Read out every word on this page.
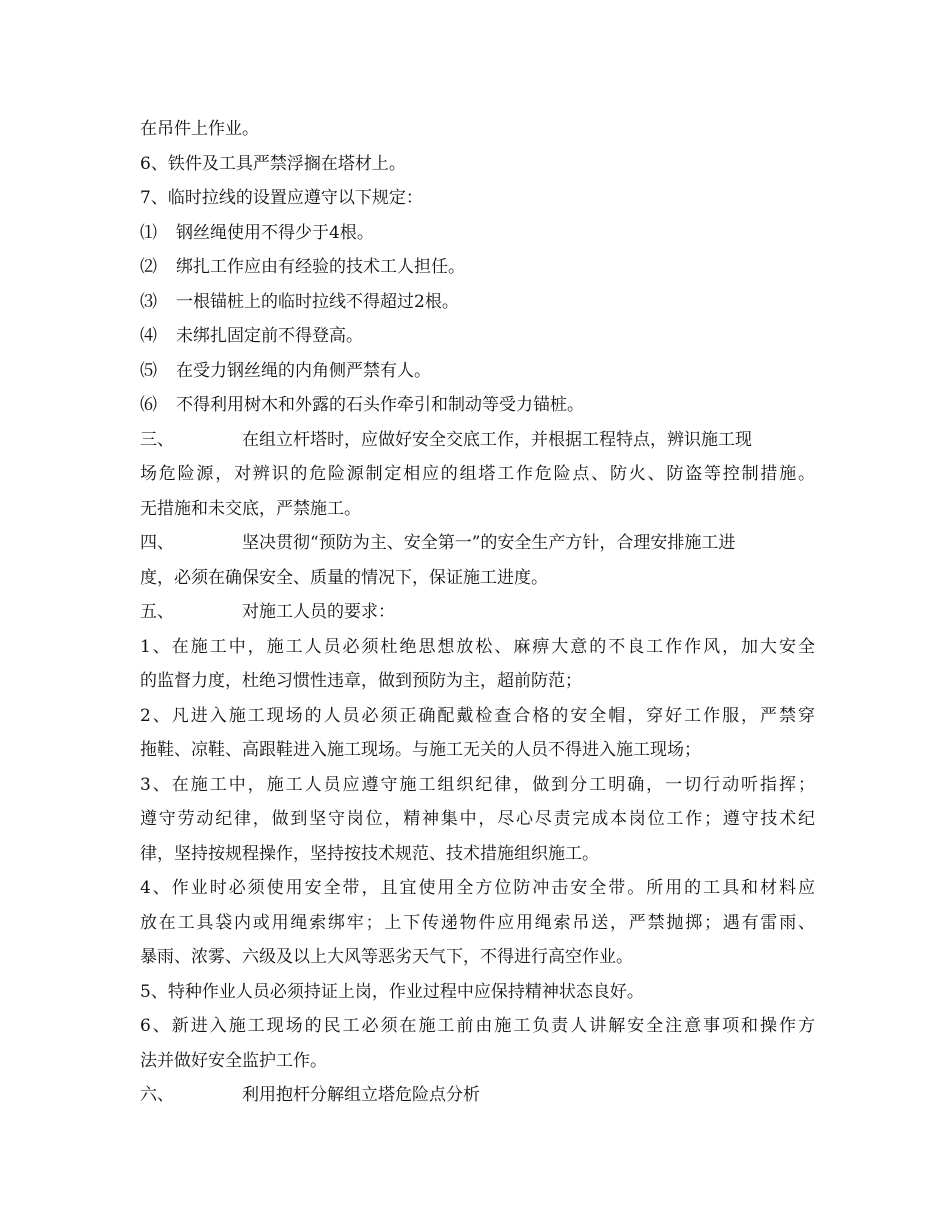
在吊件上作业。
6、铁件及工具严禁浮搁在塔材上。
7、临时拉线的设置应遵守以下规定：
⑴ 钢丝绳使用不得少于4根。
⑵ 绑扎工作应由有经验的技术工人担任。
⑶ 一根锚桩上的临时拉线不得超过2根。
⑷ 未绑扎固定前不得登高。
⑸ 在受力钢丝绳的内角侧严禁有人。
⑹ 不得利用树木和外露的石头作牵引和制动等受力锚桩。
三、	在组立杆塔时，应做好安全交底工作，并根据工程特点，辨识施工现
场危险源，对辨识的危险源制定相应的组塔工作危险点、防火、防盗等控制措施。
无措施和未交底，严禁施工。
四、	坚决贯彻“预防为主、安全第一”的安全生产方针，合理安排施工进
度，必须在确保安全、质量的情况下，保证施工进度。
五、	对施工人员的要求：
1、在施工中，施工人员必须杜绝思想放松、麻痹大意的不良工作作风，加大安全
的监督力度，杜绝习惯性违章，做到预防为主，超前防范；
2、凡进入施工现场的人员必须正确配戴检查合格的安全帽，穿好工作服，严禁穿
拖鞋、凉鞋、高跟鞋进入施工现场。与施工无关的人员不得进入施工现场；
3、在施工中，施工人员应遵守施工组织纪律，做到分工明确，一切行动听指挥；
遵守劳动纪律，做到坚守岗位，精神集中，尽心尽责完成本岗位工作；遵守技术纪
律，坚持按规程操作，坚持按技术规范、技术措施组织施工。
4、作业时必须使用安全带，且宜使用全方位防冲击安全带。所用的工具和材料应
放在工具袋内或用绳索绑牢；上下传递物件应用绳索吊送，严禁抛掷；遇有雷雨、
暴雨、浓雾、六级及以上大风等恶劣天气下，不得进行高空作业。
5、特种作业人员必须持证上岗，作业过程中应保持精神状态良好。
6、新进入施工现场的民工必须在施工前由施工负责人讲解安全注意事项和操作方
法并做好安全监护工作。
六、	利用抱杆分解组立塔危险点分析
